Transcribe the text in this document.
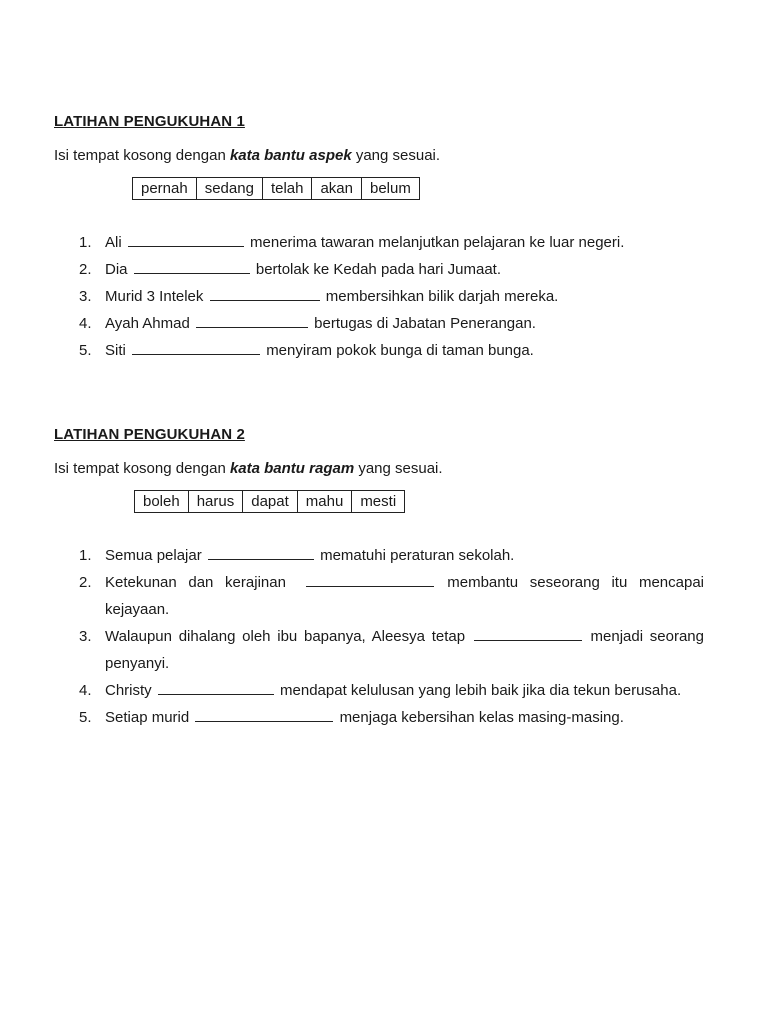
LATIHAN PENGUKUHAN 1
Isi tempat kosong dengan kata bantu aspek yang sesuai.
pernah	sedang	telah	akan	belum
1. Ali	menerima tawaran melanjutkan pelajaran ke luar negeri.
2. Dia	bertolak ke Kedah pada hari Jumaat.
3. Murid 3 Intelek	membersihkan bilik darjah mereka.
4. Ayah Ahmad	bertugas di Jabatan Penerangan.
5. Siti	menyiram pokok bunga di taman bunga.
LATIHAN PENGUKUHAN 2
Isi tempat kosong dengan kata bantu ragam yang sesuai.
boleh	harus	dapat	mahu	mesti
1. Semua pelajar	mematuhi peraturan sekolah.
2. Ketekunan dan kerajinan	membantu seseorang itu mencapai kejayaan.
3. Walaupun dihalang oleh ibu bapanya, Aleesya tetap	menjadi seorang penyanyi.
4. Christy	mendapat kelulusan yang lebih baik jika dia tekun berusaha.
5. Setiap murid	menjaga kebersihan kelas masing-masing.
